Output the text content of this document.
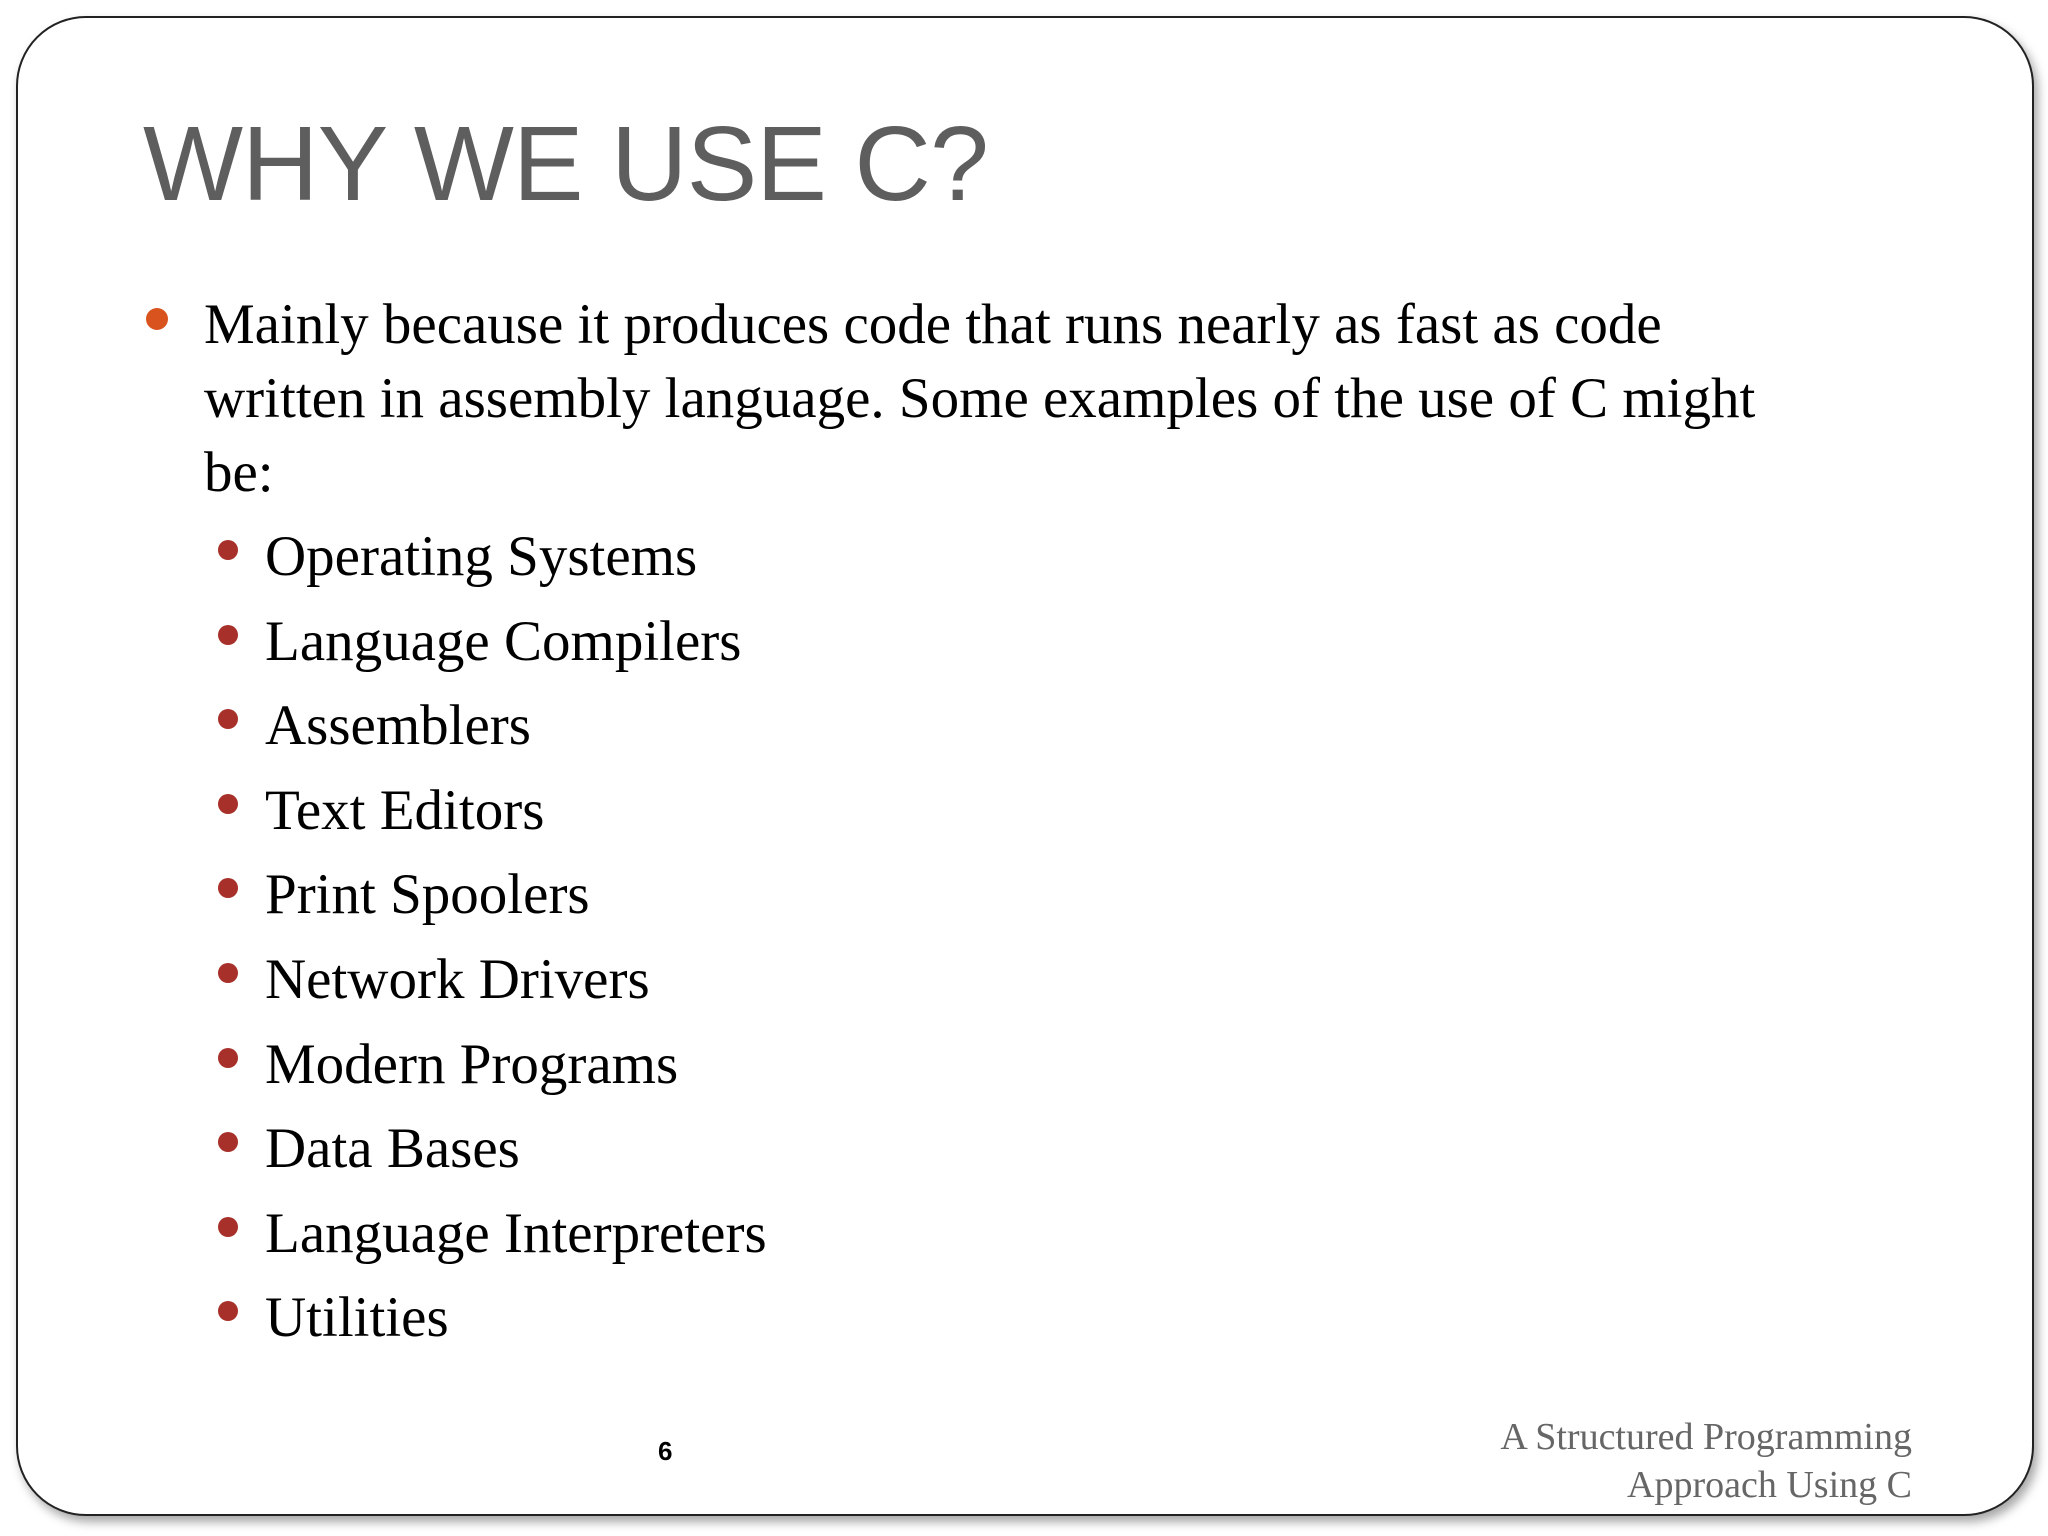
WHY WE USE C?

Mainly because it produces code that runs nearly as fast as code written in assembly language. Some examples of the use of C might be:

Operating Systems
Language Compilers
Assemblers
Text Editors
Print Spoolers
Network Drivers
Modern Programs
Data Bases
Language Interpreters
Utilities
6	A Structured Programming
Approach Using C
